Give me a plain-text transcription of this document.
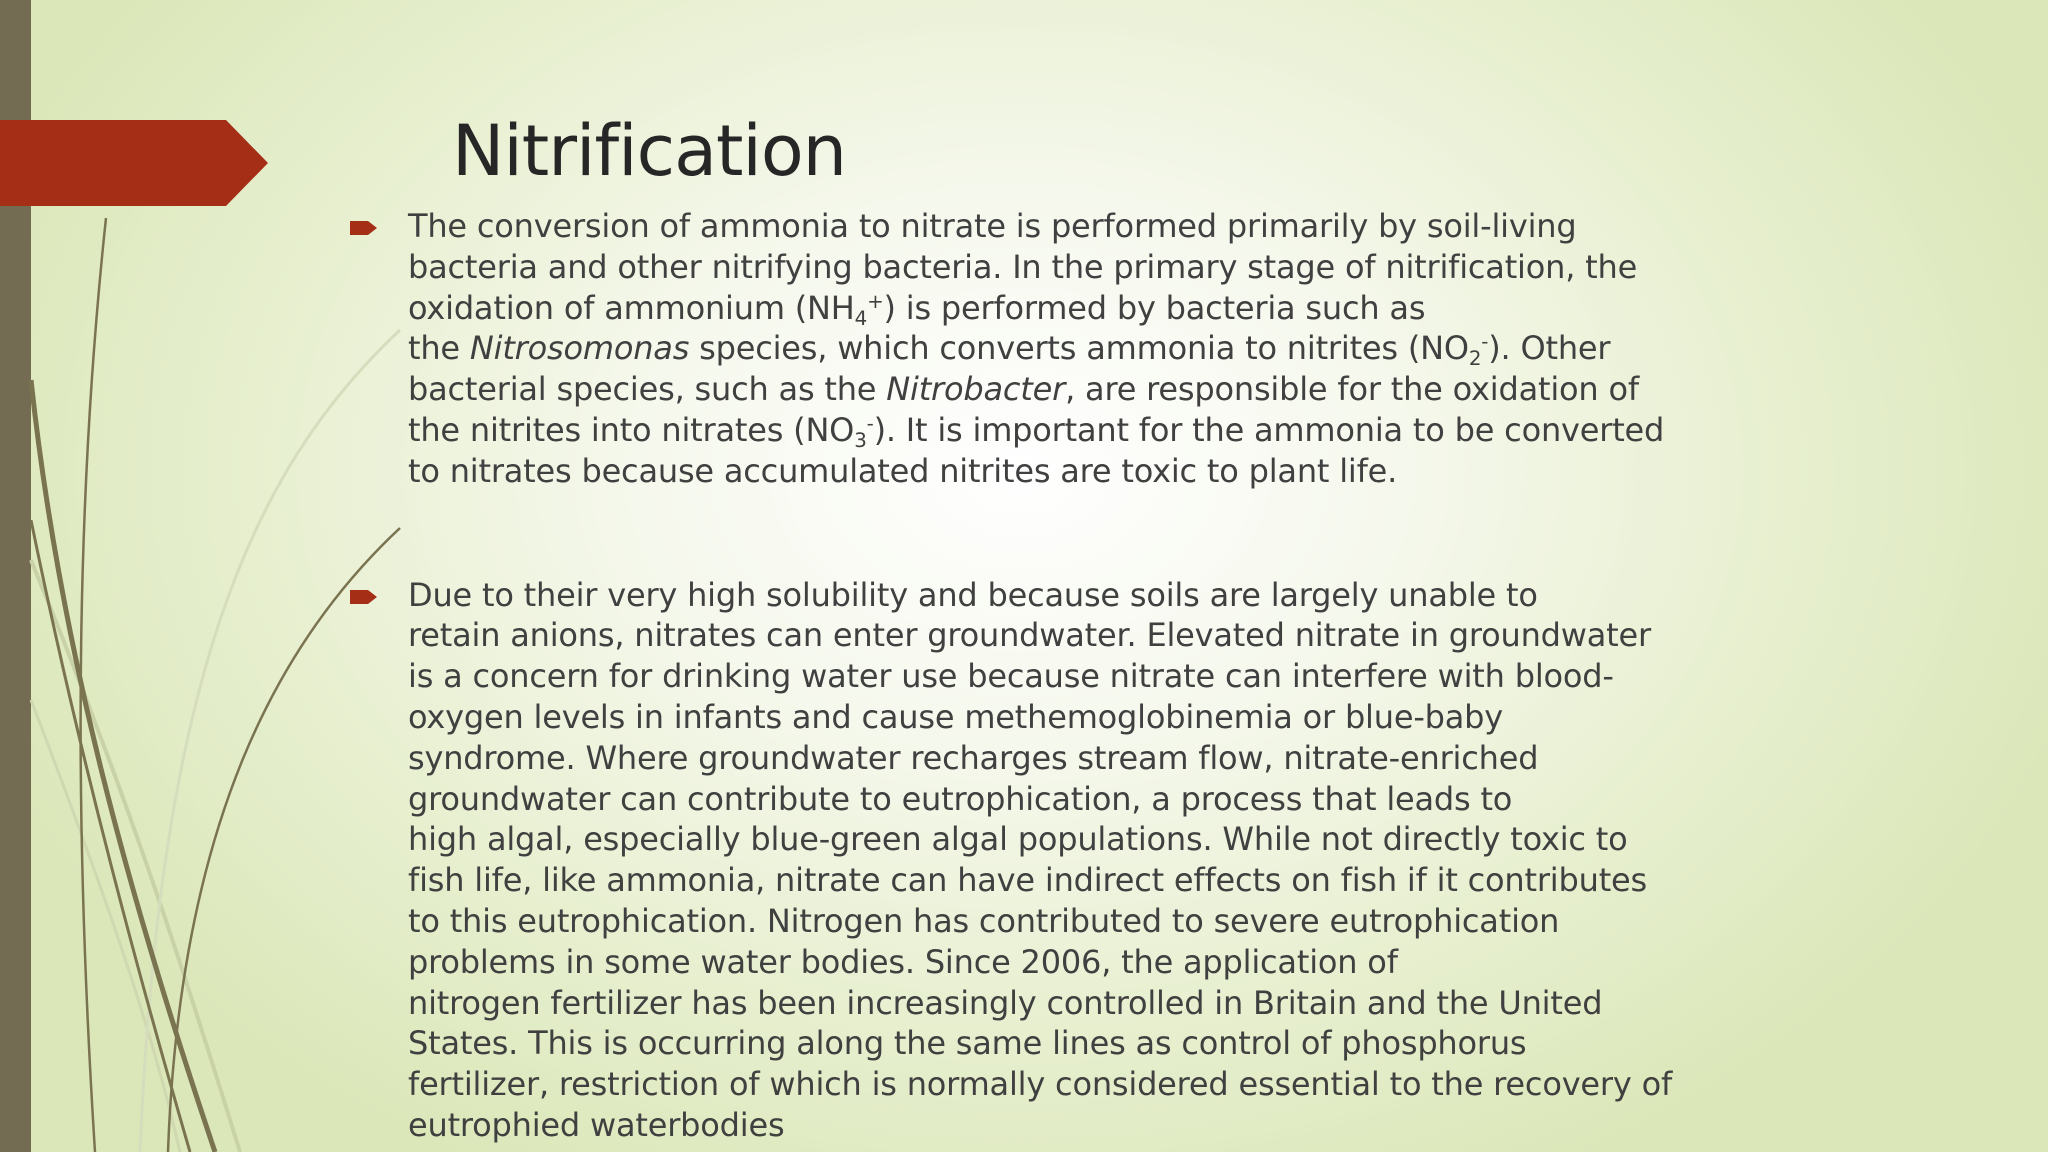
Nitrification
The conversion of ammonia to nitrate is performed primarily by soil-living
bacteria and other nitrifying bacteria. In the primary stage of nitrification, the
oxidation of ammonium $(NH_4^+)$ is performed by bacteria such as
the Nitrosomonas species, which converts ammonia to nitrites $(NO_2^-)$. Other
bacterial species, such as the Nitrobacter, are responsible for the oxidation of
the nitrites into nitrates $(NO_3^-)$. It is important for the ammonia to be converted
to nitrates because accumulated nitrites are toxic to plant life.
Due to their very high solubility and because soils are largely unable to
retain anions, nitrates can enter groundwater. Elevated nitrate in groundwater
is a concern for drinking water use because nitrate can interfere with blood-
oxygen levels in infants and cause methemoglobinemia or blue-baby
syndrome. Where groundwater recharges stream flow, nitrate-enriched
groundwater can contribute to eutrophication, a process that leads to
high algal, especially blue-green algal populations. While not directly toxic to
fish life, like ammonia, nitrate can have indirect effects on fish if it contributes
to this eutrophication. Nitrogen has contributed to severe eutrophication
problems in some water bodies. Since 2006, the application of
nitrogen fertilizer has been increasingly controlled in Britain and the United
States. This is occurring along the same lines as control of phosphorus
fertilizer, restriction of which is normally considered essential to the recovery of
eutrophied waterbodies
